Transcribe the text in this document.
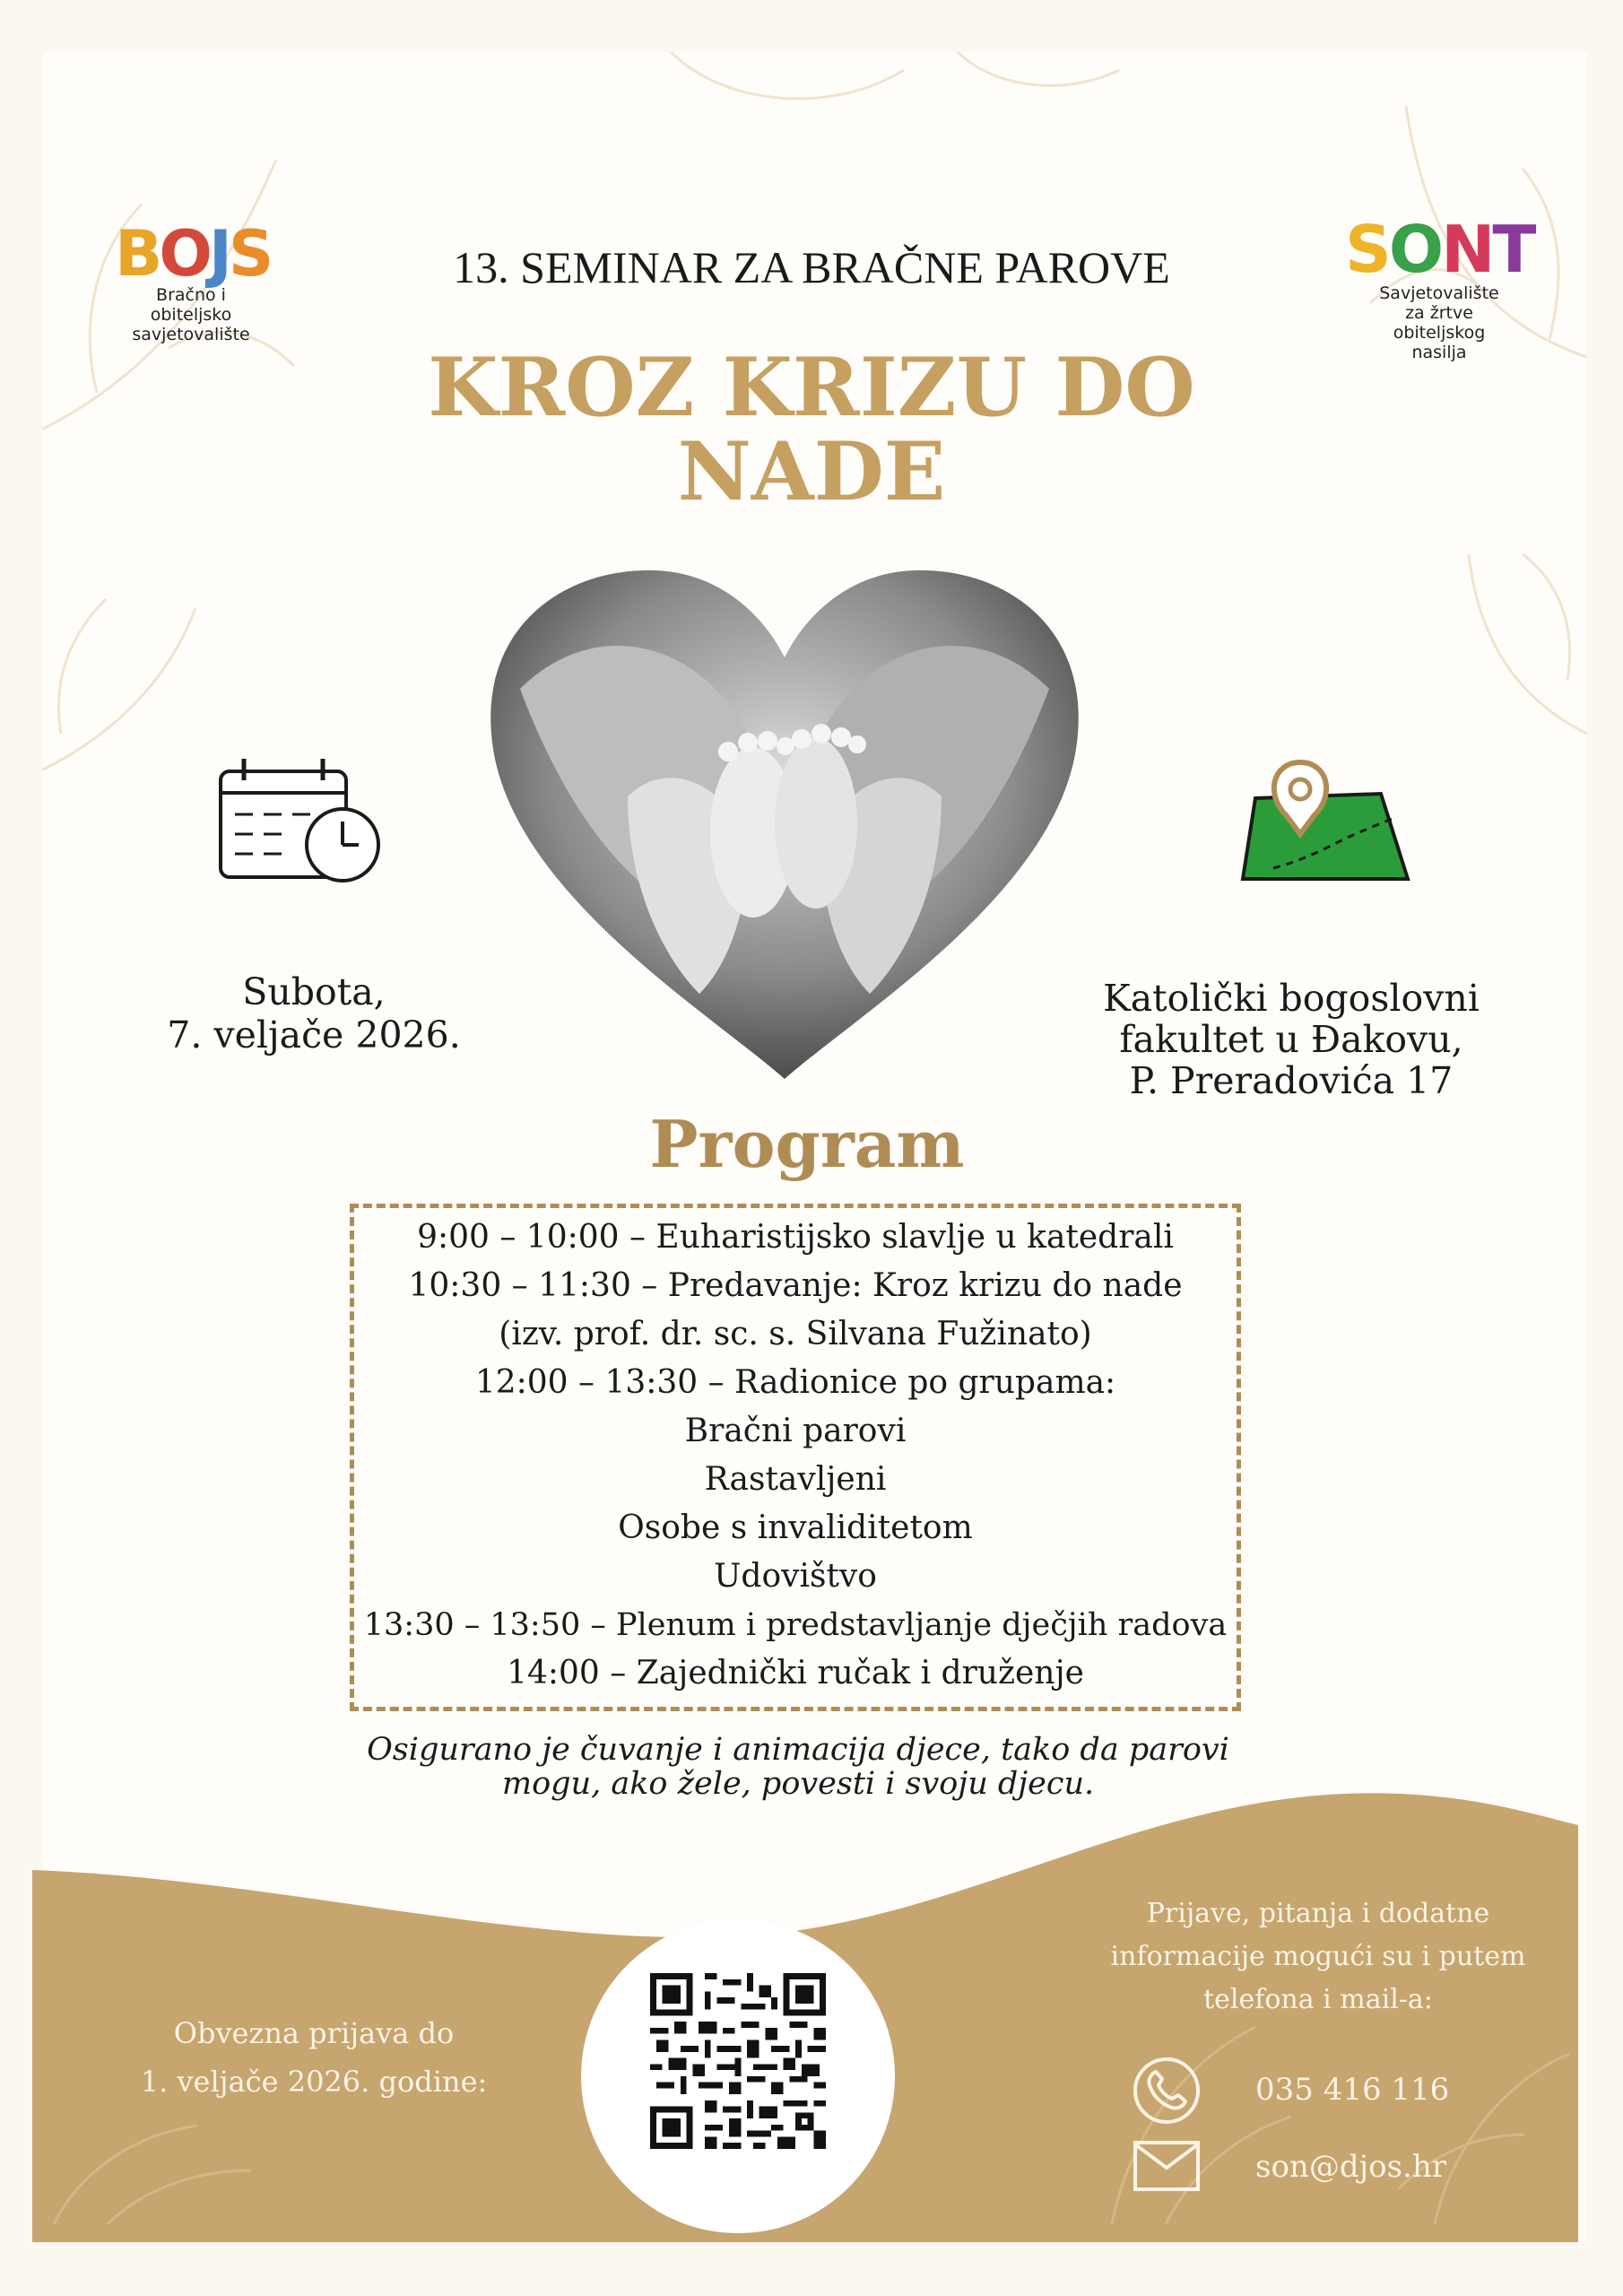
BOJS
Bračno i
obiteljsko
savjetovalište
SONT
Savjetovalište
za žrtve
obiteljskog
nasilja
13. SEMINAR ZA BRAČNE PAROVE
KROZ KRIZU DO
NADE
Subota,
7. veljače 2026.
Katolički bogoslovni
fakultet u Đakovu,
P. Preradovića 17
Program
9:00 – 10:00 – Euharistijsko slavlje u katedrali
10:30 – 11:30 – Predavanje: Kroz krizu do nade
(izv. prof. dr. sc. s. Silvana Fužinato)
12:00 – 13:30 – Radionice po grupama:
Bračni parovi
Rastavljeni
Osobe s invaliditetom
Udovištvo
13:30 – 13:50 – Plenum i predstavljanje dječjih radova
14:00 – Zajednički ručak i druženje
Osigurano je čuvanje i animacija djece, tako da parovi
mogu, ako žele, povesti i svoju djecu.
Obvezna prijava do
1. veljače 2026. godine:
Prijave, pitanja i dodatne
informacije mogući su i putem
telefona i mail-a:
035 416 116
son@djos.hr
